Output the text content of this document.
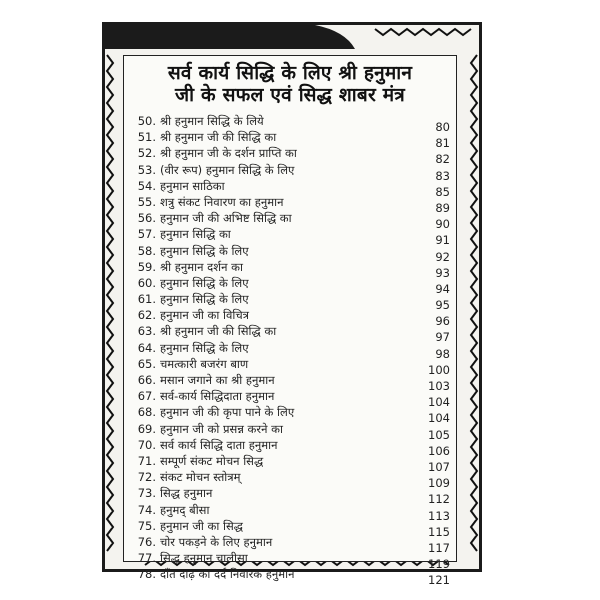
सर्व कार्य सिद्धि के लिए श्री हनुमान
जी के सफल एवं सिद्ध शाबर मंत्र
50. श्री हनुमान सिद्धि के लिये	80
51. श्री हनुमान जी की सिद्धि का	81
52. श्री हनुमान जी के दर्शन प्राप्ति का	82
53. (वीर रूप) हनुमान सिद्धि के लिए	83
54. हनुमान साठिका	85
55. शत्रु संकट निवारण का हनुमान	89
56. हनुमान जी की अभिष्ट सिद्धि का	90
57. हनुमान सिद्धि का	91
58. हनुमान सिद्धि के लिए	92
59. श्री हनुमान दर्शन का	93
60. हनुमान सिद्धि के लिए	94
61. हनुमान सिद्धि के लिए	95
62. हनुमान जी का विचित्र	96
63. श्री हनुमान जी की सिद्धि का	97
64. हनुमान सिद्धि के लिए	98
65. चमत्कारी बजरंग बाण	100
66. मसान जगाने का श्री हनुमान	103
67. सर्व-कार्य सिद्धिदाता हनुमान	104
68. हनुमान जी की कृपा पाने के लिए	104
69. हनुमान जी को प्रसन्न करने का	105
70. सर्व कार्य सिद्धि दाता हनुमान	106
71. सम्पूर्ण संकट मोचन सिद्ध	107
72. संकट मोचन स्तोत्रम्	109
73. सिद्ध हनुमान	112
74. हनुमद् बीसा	113
75. हनुमान जी का सिद्ध	115
76. चोर पकड़ने के लिए हनुमान	117
77. सिद्ध हनुमान चालीसा	119
78. दाँत दाढ़ का दर्द निवारक हनुमान	121
